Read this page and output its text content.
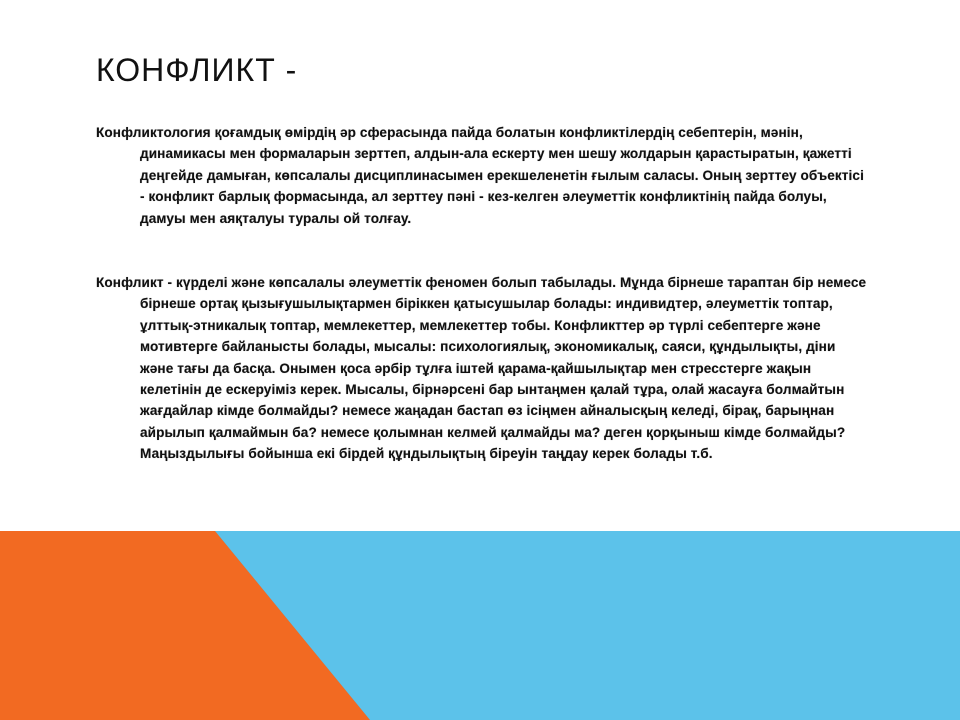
КОНФЛИКТ -

Конфликтология қоғамдық өмірдің әр сферасында пайда болатын конфликтілердің себептерін, мәнін, динамикасы мен формаларын зерттеп, алдын-ала ескерту мен шешу жолдарын қарастыратын, қажетті деңгейде дамыған, көпсалалы дисциплинасымен ерекшеленетін ғылым саласы. Оның зерттеу объектісі - конфликт барлық формасында, ал зерттеу пәні - кез-келген әлеуметтік конфликтінің пайда болуы, дамуы мен аяқталуы туралы ой толғау.

Конфликт - күрделі және көпсалалы әлеуметтік феномен болып табылады. Мұнда бірнеше тараптан бір немесе бірнеше ортақ қызығушылықтармен біріккен қатысушылар болады: индивидтер, әлеуметтік топтар, ұлттық-этникалық топтар, мемлекеттер, мемлекеттер тобы. Конфликттер әр түрлі себептерге және мотивтерге байланысты болады, мысалы: психологиялық, экономикалық, саяси, құндылықты, діни және тағы да басқа. Онымен қоса әрбір тұлға іштей қарама-қайшылықтар мен стресстерге жақын келетінін де ескеруіміз керек. Мысалы, бірнәрсені бар ынтаңмен қалай тұра, олай жасауға болмайтын жағдайлар кімде болмайды? немесе жаңадан бастап өз ісіңмен айналысқың келеді, бірақ, барыңнан айрылып қалмаймын ба? немесе қолымнан келмей қалмайды ма? деген қорқыныш кімде болмайды? Маңыздылығы бойынша екі бірдей құндылықтың біреуін таңдау керек болады т.б.
